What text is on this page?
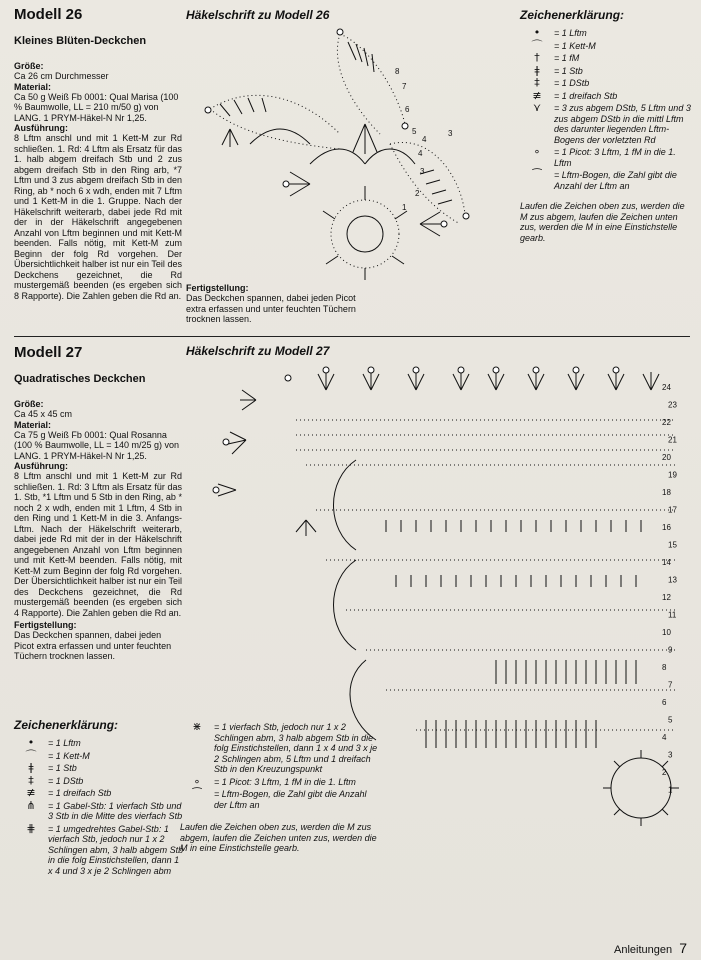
Modell 26
Kleines Blüten-Deckchen
Größe:
Ca 26 cm Durchmesser
Material:
Ca 50 g Weiß Fb 0001: Qual Marisa (100 % Baumwolle, LL = 210 m/50 g) von LANG. 1 PRYM-Häkel-N Nr 1,25.
Ausführung:
8 Lftm anschl und mit 1 Kett-M zur Rd schließen. 1. Rd: 4 Lftm als Ersatz für das 1. halb abgem dreifach Stb und 2 zus abgem dreifach Stb in den Ring arb, *7 Lftm und 3 zus abgem dreifach Stb in den Ring, ab * noch 6 x wdh, enden mit 7 Lftm und 1 Kett-M in die 1. Gruppe. Nach der Häkelschrift weiterarb, dabei jede Rd mit der in der Häkelschrift angegebenen Anzahl von Lftm beginnen und mit Kett-M beenden. Falls nötig, mit Kett-M zum Beginn der folg Rd vorgehen. Der Übersichtlichkeit halber ist nur ein Teil des Deckchens gezeichnet, die Rd mustergemäß beenden (es ergeben sich 8 Rapporte). Die Zahlen geben die Rd an.
Häkelschrift zu Modell 26
8
7
6
5
4
3
2
1
3
4
Fertigstellung:
Das Deckchen spannen, dabei jeden Picot extra erfassen und unter feuchten Tüchern trocknen lassen.
Zeichenerklärung:
•	= 1 Lftm
⌒	= 1 Kett-M
†	= 1 fM
ǂ	= 1 Stb
‡	= 1 DStb
≢	= 1 dreifach Stb
⋎	= 3 zus abgem DStb, 5 Lftm und 3 zus abgem DStb in die mittl Lftm des darunter liegenden Lftm-Bogens der vorletzten Rd
∘	= 1 Picot: 3 Lftm, 1 fM in die 1. Lftm
⁀	= Lftm-Bogen, die Zahl gibt die Anzahl der Lftm an
Laufen die Zeichen oben zus, werden die M zus abgem, laufen die Zeichen unten zus, werden die M in eine Einstichstelle gearb.
Modell 27
Quadratisches Deckchen
Größe:
Ca 45 x 45 cm
Material:
Ca 75 g Weiß Fb 0001: Qual Rosanna (100 % Baumwolle, LL = 140 m/25 g) von LANG. 1 PRYM-Häkel-N Nr 1,25.
Ausführung:
8 Lftm anschl und mit 1 Kett-M zur Rd schließen. 1. Rd: 3 Lftm als Ersatz für das 1. Stb, *1 Lftm und 5 Stb in den Ring, ab * noch 2 x wdh, enden mit 1 Lftm, 4 Stb in den Ring und 1 Kett-M in die 3. Anfangs-Lftm. Nach der Häkelschrift weiterarb, dabei jede Rd mit der in der Häkelschrift angegebenen Anzahl von Lftm beginnen und mit Kett-M beenden. Falls nötig, mit Kett-M zum Beginn der folg Rd vorgehen. Der Übersichtlichkeit halber ist nur ein Teil des Deckchens gezeichnet, die Rd mustergemäß beenden (es ergeben sich 4 Rapporte). Die Zahlen geben die Rd an.
Fertigstellung:
Das Deckchen spannen, dabei jeden Picot extra erfassen und unter feuchten Tüchern trocknen lassen.
Häkelschrift zu Modell 27
24
23
22
21
20
19
18
17
16
15
14
13
12
11
10
9
8
7
6
5
4
3
2
1
Zeichenerklärung:
•	= 1 Lftm
⌒	= 1 Kett-M
ǂ	= 1 Stb
‡	= 1 DStb
≢	= 1 dreifach Stb
⋔	= 1 Gabel-Stb: 1 vierfach Stb und 3 Stb in die Mitte des vierfach Stb
⋕	= 1 umgedrehtes Gabel-Stb: 1 vierfach Stb, jedoch nur 1 x 2 Schlingen abm, 3 halb abgem Stb in die folg Einstichstellen, dann 1 x 4 und 3 x je 2 Schlingen abm
⋇	= 1 vierfach Stb, jedoch nur 1 x 2 Schlingen abm, 3 halb abgem Stb in die folg Einstichstellen, dann 1 x 4 und 3 x je 2 Schlingen abm, 5 Lftm und 1 dreifach Stb in den Kreuzungspunkt
∘	= 1 Picot: 3 Lftm, 1 fM in die 1. Lftm
⁀	= Lftm-Bogen, die Zahl gibt die Anzahl der Lftm an
Laufen die Zeichen oben zus, werden die M zus abgem, laufen die Zeichen unten zus, werden die M in eine Einstichstelle gearb.
Anleitungen 7
